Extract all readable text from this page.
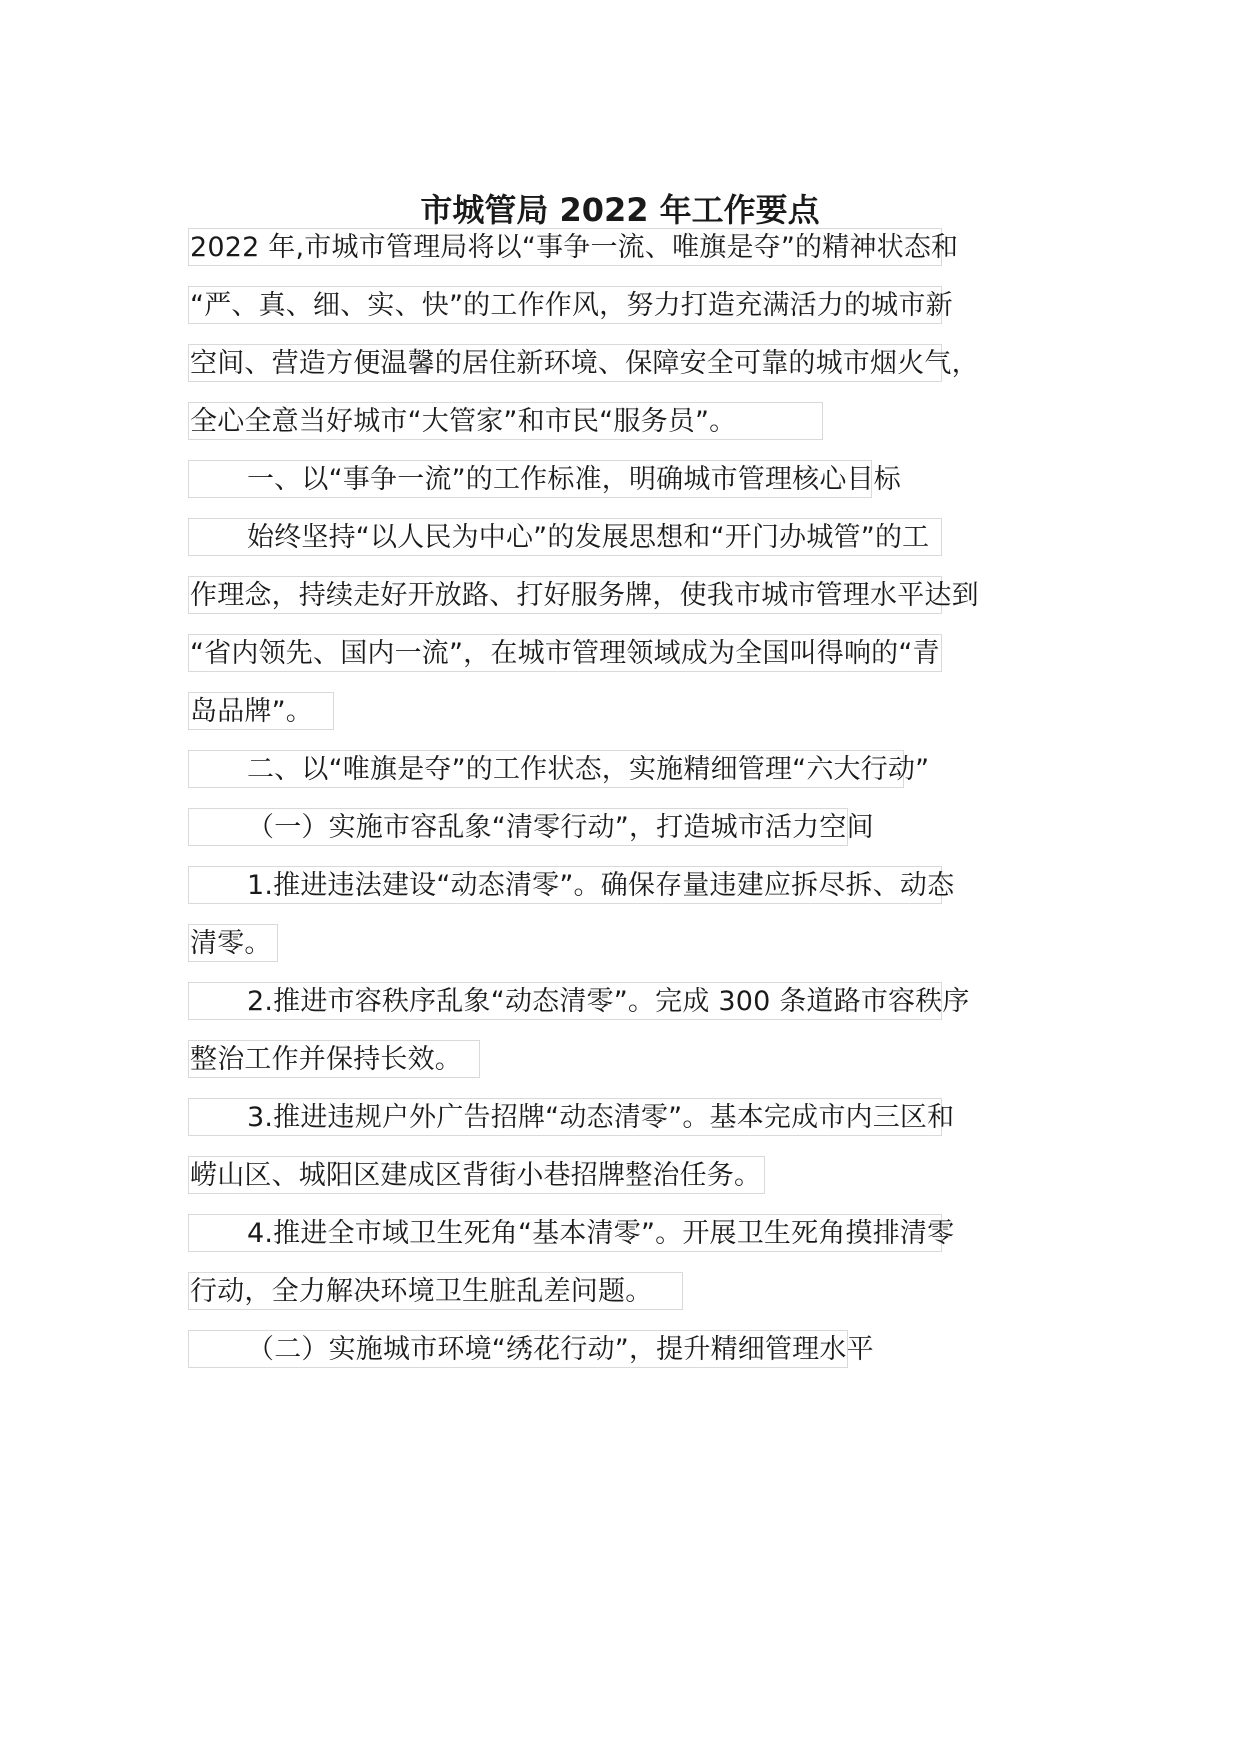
市城管局 2022 年工作要点
2022 年,市城市管理局将以“事争一流、唯旗是夺”的精神状态和
“严、真、细、实、快”的工作作风，努力打造充满活力的城市新
空间、营造方便温馨的居住新环境、保障安全可靠的城市烟火气，
全心全意当好城市“大管家”和市民“服务员”。
一、以“事争一流”的工作标准，明确城市管理核心目标
始终坚持“以人民为中心”的发展思想和“开门办城管”的工
作理念，持续走好开放路、打好服务牌，使我市城市管理水平达到
“省内领先、国内一流”，在城市管理领域成为全国叫得响的“青
岛品牌”。
二、以“唯旗是夺”的工作状态，实施精细管理“六大行动”
（一）实施市容乱象“清零行动”，打造城市活力空间
1.推进违法建设“动态清零”。确保存量违建应拆尽拆、动态
清零。
2.推进市容秩序乱象“动态清零”。完成 300 条道路市容秩序
整治工作并保持长效。
3.推进违规户外广告招牌“动态清零”。基本完成市内三区和
崂山区、城阳区建成区背街小巷招牌整治任务。
4.推进全市域卫生死角“基本清零”。开展卫生死角摸排清零
行动，全力解决环境卫生脏乱差问题。
（二）实施城市环境“绣花行动”，提升精细管理水平
